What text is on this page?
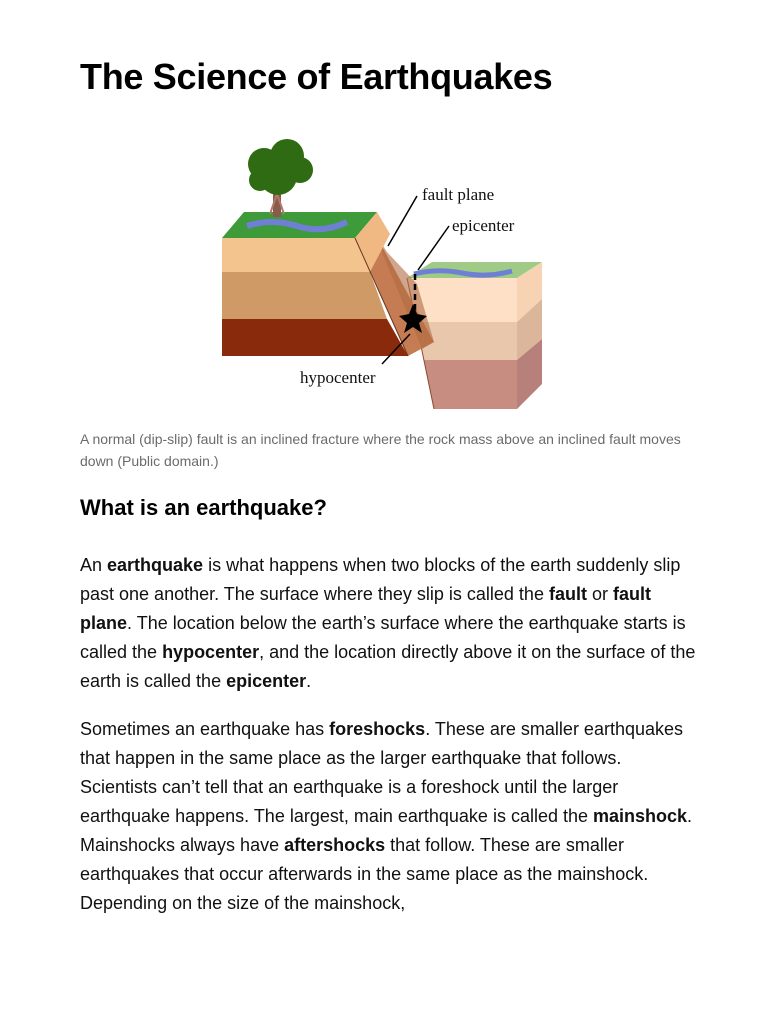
The Science of Earthquakes
fault plane
epicenter
hypocenter

A normal (dip-slip) fault is an inclined fracture where the rock mass above an inclined fault moves down (Public domain.)

What is an earthquake?

An earthquake is what happens when two blocks of the earth suddenly slip past one another. The surface where they slip is called the fault or fault plane. The location below the earth’s surface where the earthquake starts is called the hypocenter, and the location directly above it on the surface of the earth is called the epicenter.

Sometimes an earthquake has foreshocks. These are smaller earthquakes that happen in the same place as the larger earthquake that follows. Scientists can’t tell that an earthquake is a foreshock until the larger earthquake happens. The largest, main earthquake is called the mainshock. Mainshocks always have aftershocks that follow. These are smaller earthquakes that occur afterwards in the same place as the mainshock. Depending on the size of the mainshock,
